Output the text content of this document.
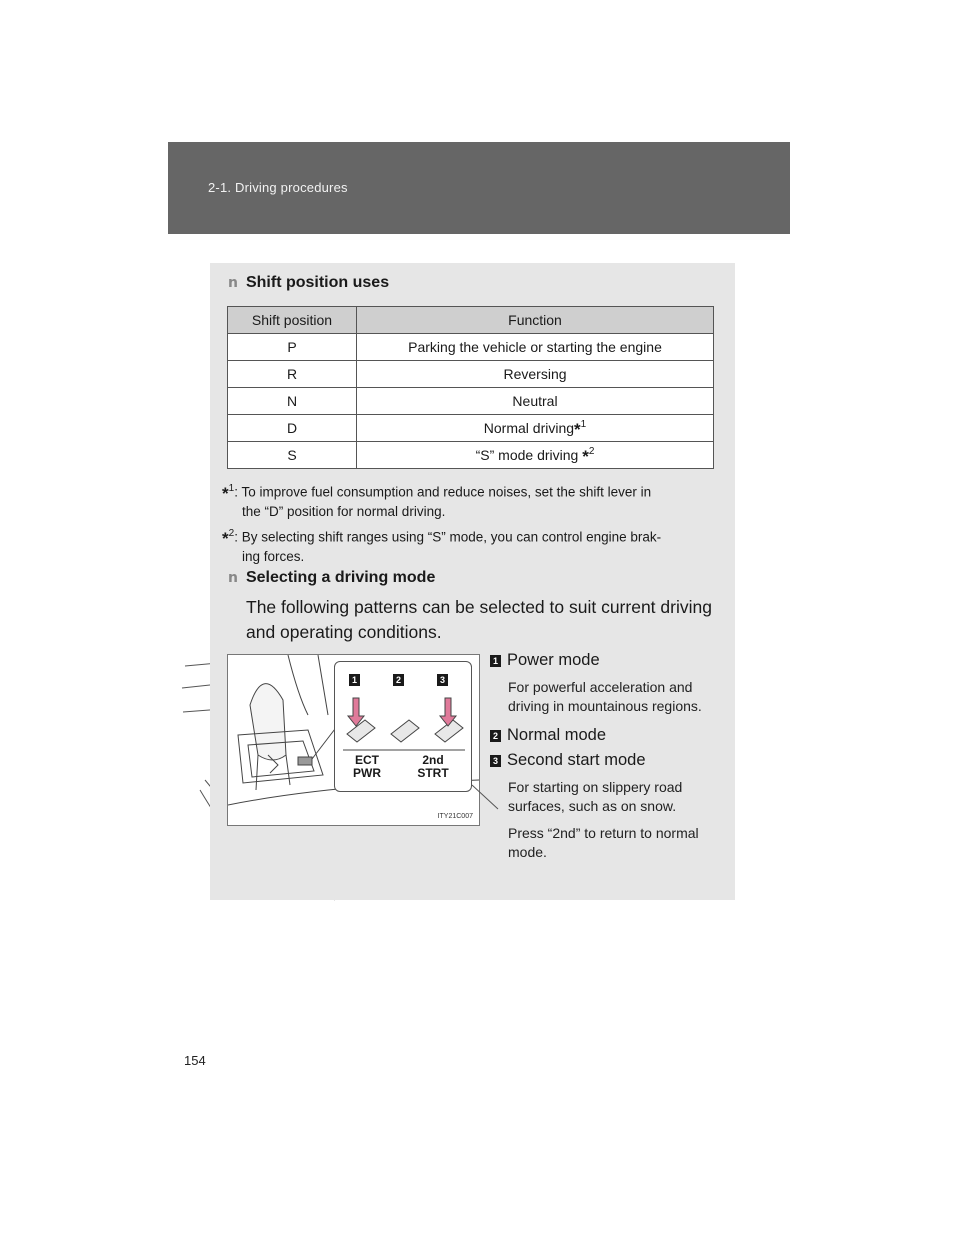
2-1. Driving procedures
n Shift position uses
Shift position	Function
P	Parking the vehicle or starting the engine
R	Reversing
N	Neutral
D	Normal driving*$^1$
S	“S” mode driving *$^2$
*$^1$: To improve fuel consumption and reduce noises, set the shift lever in
the “D” position for normal driving.
*$^2$: By selecting shift ranges using “S” mode, you can control engine brak-
ing forces.
n Selecting a driving mode
The following patterns can be selected to suit current driving and operating conditions.
1	2	3
ECT
PWR
2nd
STRT
ITY21C007
1 Power mode
For powerful acceleration and driving in mountainous regions.
2 Normal mode
3 Second start mode
For starting on slippery road surfaces, such as on snow.
Press “2nd” to return to normal mode.
154
